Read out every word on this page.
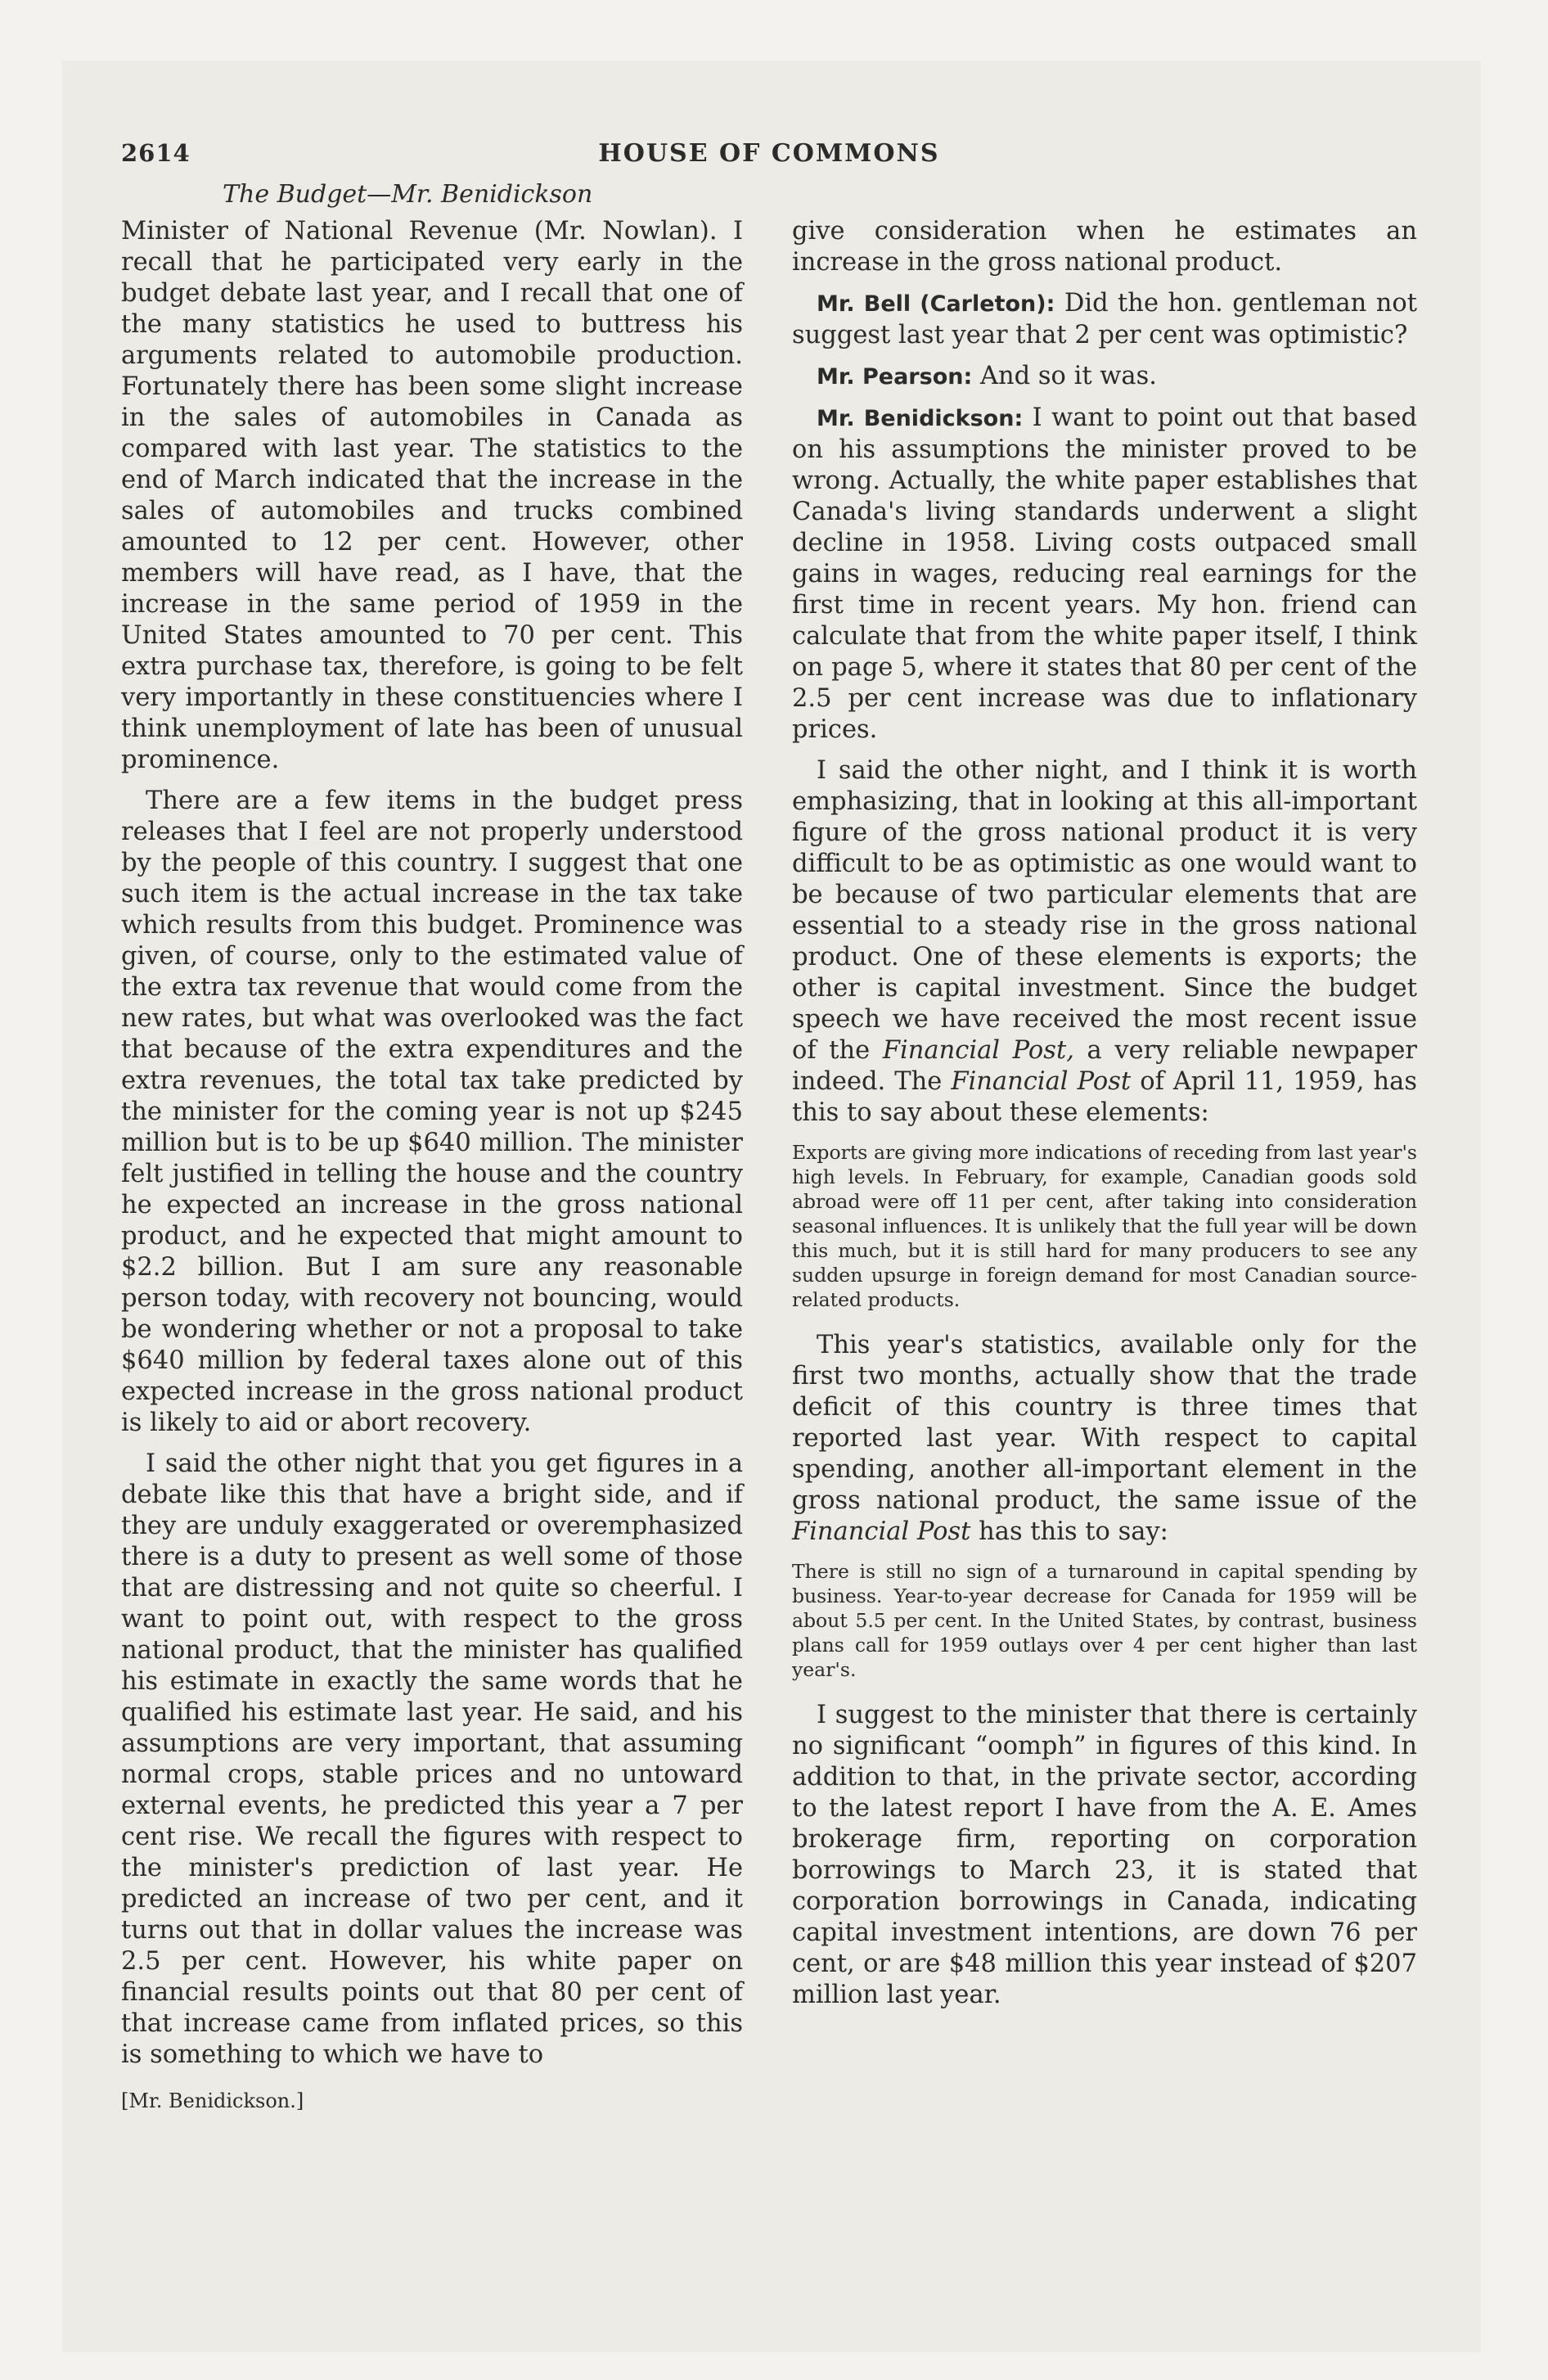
2614	HOUSE OF COMMONS
The Budget—Mr. Benidickson

Minister of National Revenue (Mr. Nowlan). I recall that he participated very early in the budget debate last year, and I recall that one of the many statistics he used to buttress his arguments related to automobile production. Fortunately there has been some slight increase in the sales of automobiles in Canada as compared with last year. The statistics to the end of March indicated that the increase in the sales of automobiles and trucks combined amounted to 12 per cent. However, other members will have read, as I have, that the increase in the same period of 1959 in the United States amounted to 70 per cent. This extra purchase tax, therefore, is going to be felt very importantly in these constituencies where I think unemployment of late has been of unusual prominence.

There are a few items in the budget press releases that I feel are not properly understood by the people of this country. I suggest that one such item is the actual increase in the tax take which results from this budget. Prominence was given, of course, only to the estimated value of the extra tax revenue that would come from the new rates, but what was overlooked was the fact that because of the extra expenditures and the extra revenues, the total tax take predicted by the minister for the coming year is not up $245 million but is to be up $640 million. The minister felt justified in telling the house and the country he expected an increase in the gross national product, and he expected that might amount to $2.2 billion. But I am sure any reasonable person today, with recovery not bouncing, would be wondering whether or not a proposal to take $640 million by federal taxes alone out of this expected increase in the gross national product is likely to aid or abort recovery.

I said the other night that you get figures in a debate like this that have a bright side, and if they are unduly exaggerated or overemphasized there is a duty to present as well some of those that are distressing and not quite so cheerful. I want to point out, with respect to the gross national product, that the minister has qualified his estimate in exactly the same words that he qualified his estimate last year. He said, and his assumptions are very important, that assuming normal crops, stable prices and no untoward external events, he predicted this year a 7 per cent rise. We recall the figures with respect to the minister's prediction of last year. He predicted an increase of two per cent, and it turns out that in dollar values the increase was 2.5 per cent. However, his white paper on financial results points out that 80 per cent of that increase came from inflated prices, so this is something to which we have to

[Mr. Benidickson.]

give consideration when he estimates an increase in the gross national product.

Mr. Bell (Carleton): Did the hon. gentleman not suggest last year that 2 per cent was optimistic?

Mr. Pearson: And so it was.

Mr. Benidickson: I want to point out that based on his assumptions the minister proved to be wrong. Actually, the white paper establishes that Canada's living standards underwent a slight decline in 1958. Living costs outpaced small gains in wages, reducing real earnings for the first time in recent years. My hon. friend can calculate that from the white paper itself, I think on page 5, where it states that 80 per cent of the 2.5 per cent increase was due to inflationary prices.

I said the other night, and I think it is worth emphasizing, that in looking at this all-important figure of the gross national product it is very difficult to be as optimistic as one would want to be because of two particular elements that are essential to a steady rise in the gross national product. One of these elements is exports; the other is capital investment. Since the budget speech we have received the most recent issue of the Financial Post, a very reliable newpaper indeed. The Financial Post of April 11, 1959, has this to say about these elements:

Exports are giving more indications of receding from last year's high levels. In February, for example, Canadian goods sold abroad were off 11 per cent, after taking into consideration seasonal influences. It is unlikely that the full year will be down this much, but it is still hard for many producers to see any sudden upsurge in foreign demand for most Canadian source-related products.

This year's statistics, available only for the first two months, actually show that the trade deficit of this country is three times that reported last year. With respect to capital spending, another all-important element in the gross national product, the same issue of the Financial Post has this to say:

There is still no sign of a turnaround in capital spending by business. Year-to-year decrease for Canada for 1959 will be about 5.5 per cent. In the United States, by contrast, business plans call for 1959 outlays over 4 per cent higher than last year's.

I suggest to the minister that there is certainly no significant “oomph” in figures of this kind. In addition to that, in the private sector, according to the latest report I have from the A. E. Ames brokerage firm, reporting on corporation borrowings to March 23, it is stated that corporation borrowings in Canada, indicating capital investment intentions, are down 76 per cent, or are $48 million this year instead of $207 million last year.
